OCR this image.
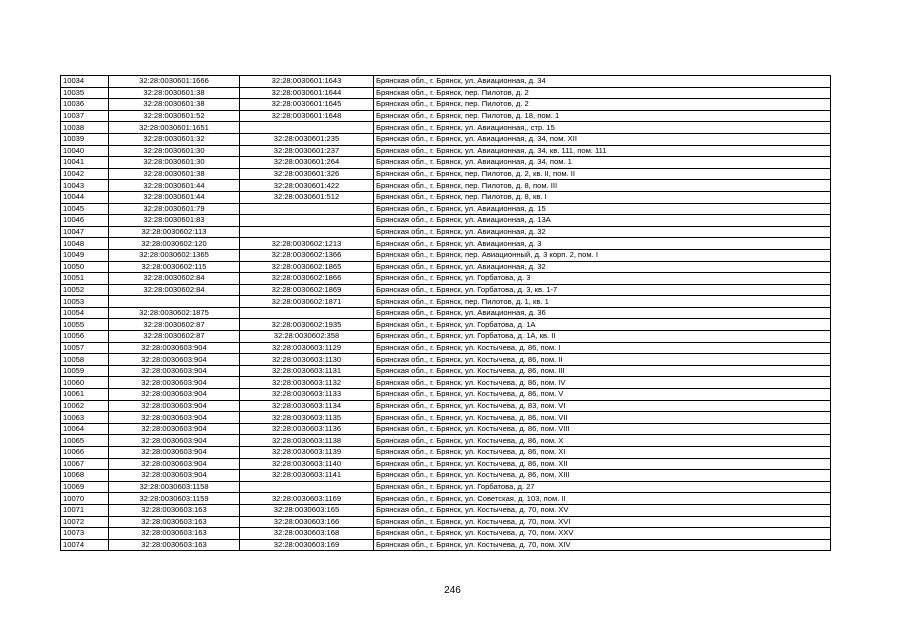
10034	32:28:0030601:1666	32:28:0030601:1643	Брянская обл., г. Брянск, ул. Авиационная, д. 34
10035	32:28:0030601:38	32:28:0030601:1644	Брянская обл., г. Брянск, пер. Пилотов, д. 2
10036	32:28:0030601:38	32:28:0030601:1645	Брянская обл., г. Брянск, пер. Пилотов, д. 2
10037	32:28:0030601:52	32:28:0030601:1648	Брянская обл., г. Брянск, пер. Пилотов, д. 18, пом. 1
10038	32:28:0030601:1651		Брянская обл., г. Брянск, ул. Авиационная,, стр. 15
10039	32:28:0030601:32	32:28:0030601:235	Брянская обл., г. Брянск, ул. Авиационная, д. 34, пом. XII
10040	32:28:0030601:30	32:28:0030601:237	Брянская обл., г. Брянск, ул. Авиационная, д. 34, кв. 111, пом. 111
10041	32:28:0030601:30	32:28:0030601:264	Брянская обл., г. Брянск, ул. Авиационная, д. 34, пом. 1
10042	32:28:0030601:38	32:28:0030601:326	Брянская обл., г. Брянск, пер. Пилотов, д. 2, кв. II, пом. II
10043	32:28:0030601:44	32:28:0030601:422	Брянская обл., г. Брянск, пер. Пилотов, д. 8, пом. III
10044	32:28:0030601:44	32:28:0030601:512	Брянская обл., г. Брянск, пер. Пилотов, д. 8, кв. I
10045	32:28:0030601:79		Брянская обл., г. Брянск, ул. Авиационная, д. 15
10046	32:28:0030601:83		Брянская обл., г. Брянск, ул. Авиационная, д. 13А
10047	32:28:0030602:113		Брянская обл., г. Брянск, ул. Авиационная, д. 32
10048	32:28:0030602:120	32:28:0030602:1213	Брянская обл., г. Брянск, ул. Авиационная, д. 3
10049	32:28:0030602:1365	32:28:0030602:1366	Брянская обл., г. Брянск, пер. Авиационный, д. 3 корп. 2, пом. I
10050	32:28:0030602:115	32:28:0030602:1865	Брянская обл., г. Брянск, ул. Авиационная, д. 32
10051	32:28:0030602:84	32:28:0030602:1866	Брянская обл., г. Брянск, ул. Горбатова, д. 3
10052	32:28:0030602:84	32:28:0030602:1869	Брянская обл., г. Брянск, ул. Горбатова, д. 3, кв. 1-7
10053		32:28:0030602:1871	Брянская обл., г. Брянск, пер. Пилотов, д. 1, кв. 1
10054	32:28:0030602:1875		Брянская обл., г. Брянск, ул. Авиационная, д. 36
10055	32:28:0030602:87	32:28:0030602:1935	Брянская обл., г. Брянск, ул. Горбатова, д. 1А
10056	32:28:0030602:87	32:28:0030602:358	Брянская обл., г. Брянск, ул. Горбатова, д. 1А, кв. II
10057	32:28:0030603:904	32:28:0030603:1129	Брянская обл., г. Брянск, ул. Костычева, д. 86, пом. I
10058	32:28:0030603:904	32:28:0030603:1130	Брянская обл., г. Брянск, ул. Костычева, д. 86, пом. II
10059	32:28:0030603:904	32:28:0030603:1131	Брянская обл., г. Брянск, ул. Костычева, д. 86, пом. III
10060	32:28:0030603:904	32:28:0030603:1132	Брянская обл., г. Брянск, ул. Костычева, д. 86, пом. IV
10061	32:28:0030603:904	32:28:0030603:1133	Брянская обл., г. Брянск, ул. Костычева, д. 86, пом. V
10062	32:28:0030603:904	32:28:0030603:1134	Брянская обл., г. Брянск, ул. Костычева, д. 83, пом. VI
10063	32:28:0030603:904	32:28:0030603:1135	Брянская обл., г. Брянск, ул. Костычева, д. 86, пом. VII
10064	32:28:0030603:904	32:28:0030603:1136	Брянская обл., г. Брянск, ул. Костычева, д. 86, пом. VIII
10065	32:28:0030603:904	32:28:0030603:1138	Брянская обл., г. Брянск, ул. Костычева, д. 86, пом. X
10066	32:28:0030603:904	32:28:0030603:1139	Брянская обл., г. Брянск, ул. Костычева, д. 86, пом. XI
10067	32:28:0030603:904	32:28:0030603:1140	Брянская обл., г. Брянск, ул. Костычева, д. 86, пом. XII
10068	32:28:0030603:904	32:28:0030603:1141	Брянская обл., г. Брянск, ул. Костычева, д. 86, пом. XIII
10069	32:28:0030603:1158		Брянская обл., г. Брянск, ул. Горбатова, д. 27
10070	32:28:0030603:1159	32:28:0030603:1169	Брянская обл., г. Брянск, ул. Советская, д. 103, пом. II
10071	32:28:0030603:163	32:28:0030603:165	Брянская обл., г. Брянск, ул. Костычева, д. 70, пом. XV
10072	32:28:0030603:163	32:28:0030603:166	Брянская обл., г. Брянск, ул. Костычева, д. 70, пом. XVI
10073	32:28:0030603:163	32:28:0030603:168	Брянская обл., г. Брянск, ул. Костычева, д. 70, пом. XXV
10074	32:28:0030603:163	32:28:0030603:169	Брянская обл., г. Брянск, ул. Костычева, д. 70, пом. XIV
246
